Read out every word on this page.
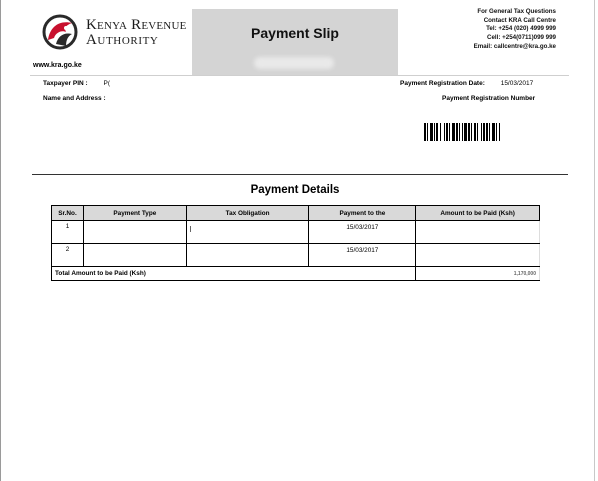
Kenya Revenue
Authority
www.kra.go.ke
Payment Slip
For General Tax Questions
Contact KRA Call Centre
Tel: +254 (020) 4999 999
Cell: +254(0711)099 999
Email: callcentre@kra.go.ke
Taxpayer PIN : P(
Name and Address :
Payment Registration Date: 15/03/2017
Payment Registration Number
Payment Details
Sr.No.	Payment Type	Tax Obligation	Payment to the	Amount to be Paid (Ksh)
1			15/03/2017	
2			15/03/2017	
Total Amount to be Paid (Ksh)				1,170,000
